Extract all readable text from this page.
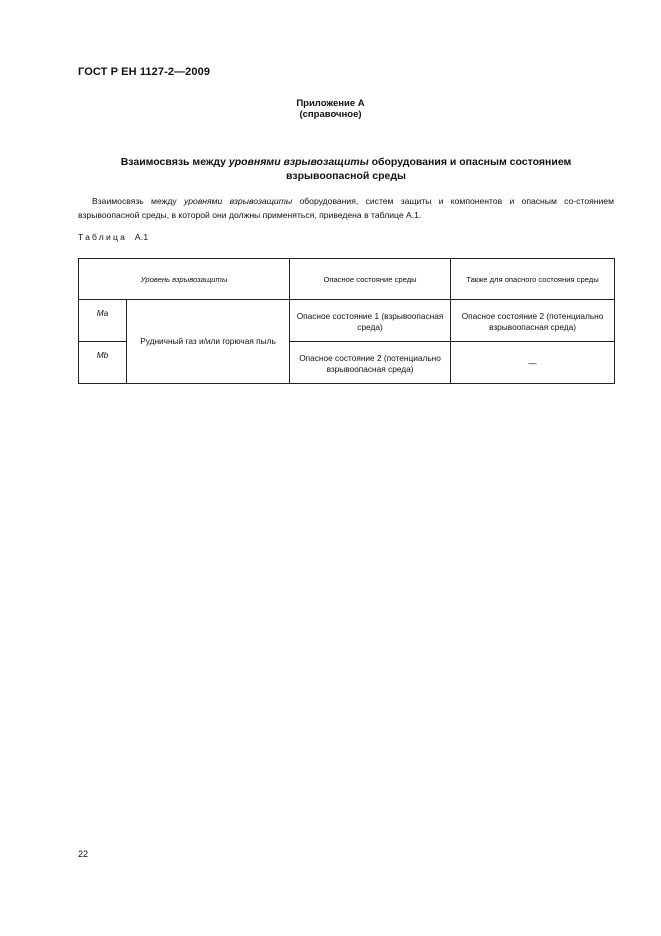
ГОСТ Р ЕН 1127-2—2009
Приложение А
(справочное)
Взаимосвязь между уровнями взрывозащиты оборудования и опасным состоянием
взрывоопасной среды
Взаимосвязь между уровнями взрывозащиты оборудования, систем защиты и компонентов и опасным со-стоянием взрывоопасной среды, в которой они должны применяться, приведена в таблице А.1.
Таблица А.1
Уровень взрывозащиты		Опасное состояние среды	Также для опасного состояния среды
Ma	Рудничный газ и/или горючая пыль	Опасное состояние 1 (взрывоопасная среда)	Опасное состояние 2 (потенциально взрывоопасная среда)
Mb		Опасное состояние 2 (потенциально взрывоопасная среда)	—
22
